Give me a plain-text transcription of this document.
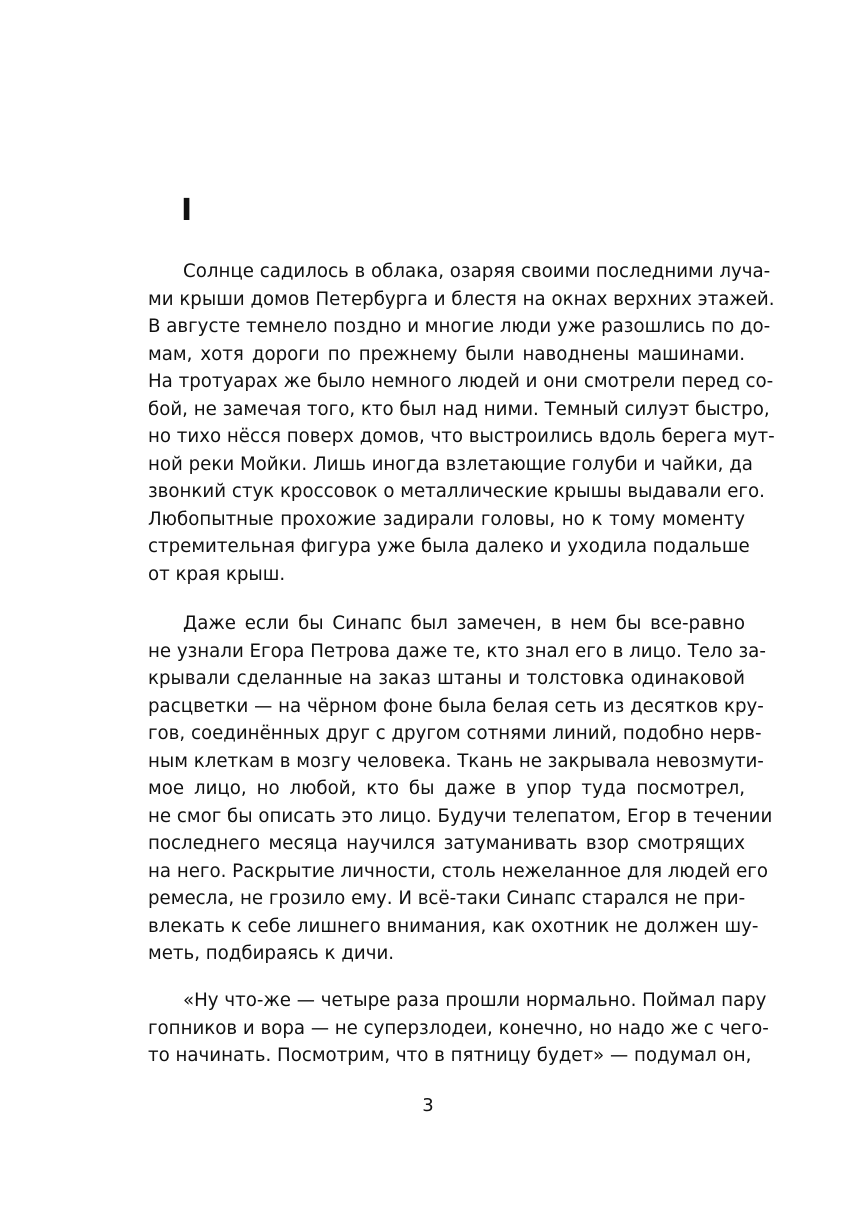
I
Солнце садилось в облака, озаряя своими последними луча-
ми крыши домов Петербурга и блестя на окнах верхних этажей.
В августе темнело поздно и многие люди уже разошлись по до-
мам, хотя дороги по прежнему были наводнены машинами.
На тротуарах же было немного людей и они смотрели перед со-
бой, не замечая того, кто был над ними. Темный силуэт быстро,
но тихо нёсся поверх домов, что выстроились вдоль берега мут-
ной реки Мойки. Лишь иногда взлетающие голуби и чайки, да
звонкий стук кроссовок о металлические крышы выдавали его.
Любопытные прохожие задирали головы, но к тому моменту
стремительная фигура уже была далеко и уходила подальше
от края крыш.
Даже если бы Синапс был замечен, в нем бы все-равно
не узнали Егора Петрова даже те, кто знал его в лицо. Тело за-
крывали сделанные на заказ штаны и толстовка одинаковой
расцветки — на чёрном фоне была белая сеть из десятков кру-
гов, соединённых друг с другом сотнями линий, подобно нерв-
ным клеткам в мозгу человека. Ткань не закрывала невозмути-
мое лицо, но любой, кто бы даже в упор туда посмотрел,
не смог бы описать это лицо. Будучи телепатом, Егор в течении
последнего месяца научился затуманивать взор смотрящих
на него. Раскрытие личности, столь нежеланное для людей его
ремесла, не грозило ему. И всё-таки Синапс старался не при-
влекать к себе лишнего внимания, как охотник не должен шу-
меть, подбираясь к дичи.
«Ну что-же — четыре раза прошли нормально. Поймал пару
гопников и вора — не суперзлодеи, конечно, но надо же с чего-
то начинать. Посмотрим, что в пятницу будет» — подумал он,
3
